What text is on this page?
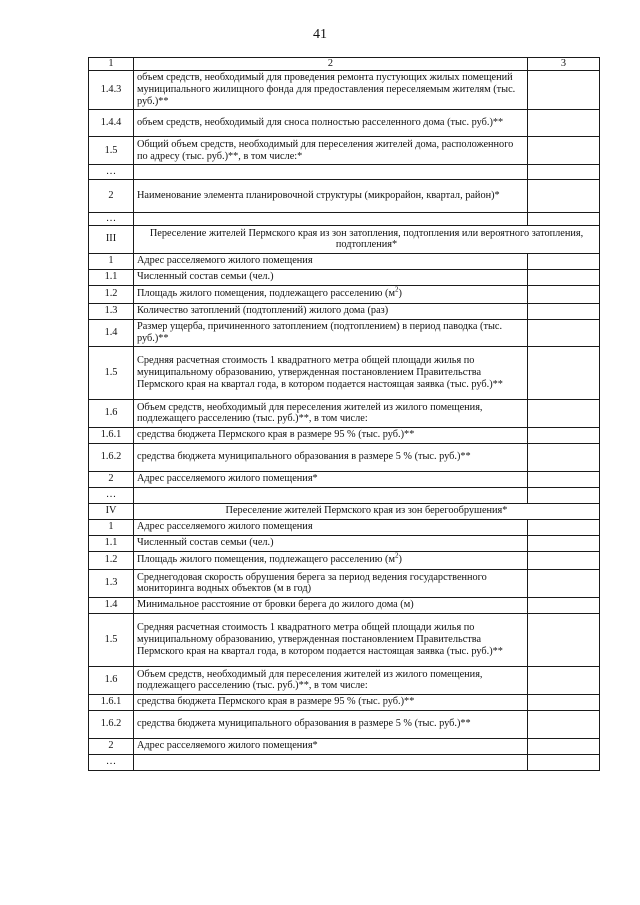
41
1	2	3
1.4.3	объем средств, необходимый для проведения ремонта пустующих жилых помещений муниципального жилищного фонда для предоставления переселяемым жителям (тыс. руб.)**	
1.4.4	объем средств, необходимый для сноса полностью расселенного дома (тыс. руб.)**	
1.5	Общий объем средств, необходимый для переселения жителей дома, расположенного по адресу (тыс. руб.)**, в том числе:*	
…		
2	Наименование элемента планировочной структуры (микрорайон, квартал, район)*	
…		
III	Переселение жителей Пермского края из зон затопления, подтопления или вероятного затопления, подтопления*	
1	Адрес расселяемого жилого помещения	
1.1	Численный состав семьи (чел.)	
1.2	Площадь жилого помещения, подлежащего расселению $(м^2)$	
1.3	Количество затоплений (подтоплений) жилого дома (раз)	
1.4	Размер ущерба, причиненного затоплением (подтоплением) в период паводка (тыс. руб.)**	
1.5	Средняя расчетная стоимость 1 квадратного метра общей площади жилья по муниципальному образованию, утвержденная постановлением Правительства Пермского края на квартал года, в котором подается настоящая заявка (тыс. руб.)**	
1.6	Объем средств, необходимый для переселения жителей из жилого помещения, подлежащего расселению (тыс. руб.)**, в том числе:	
1.6.1	средства бюджета Пермского края в размере 95 % (тыс. руб.)**	
1.6.2	средства бюджета муниципального образования в размере 5 % (тыс. руб.)**	
2	Адрес расселяемого жилого помещения*	
…		
IV	Переселение жителей Пермского края из зон берегообрушения*	
1	Адрес расселяемого жилого помещения	
1.1	Численный состав семьи (чел.)	
1.2	Площадь жилого помещения, подлежащего расселению $(м^2)$	
1.3	Среднегодовая скорость обрушения берега за период ведения государственного мониторинга водных объектов (м в год)	
1.4	Минимальное расстояние от бровки берега до жилого дома (м)	
1.5	Средняя расчетная стоимость 1 квадратного метра общей площади жилья по муниципальному образованию, утвержденная постановлением Правительства Пермского края на квартал года, в котором подается настоящая заявка (тыс. руб.)**	
1.6	Объем средств, необходимый для переселения жителей из жилого помещения, подлежащего расселению (тыс. руб.)**, в том числе:	
1.6.1	средства бюджета Пермского края в размере 95 % (тыс. руб.)**	
1.6.2	средства бюджета муниципального образования в размере 5 % (тыс. руб.)**	
2	Адрес расселяемого жилого помещения*	
…		
